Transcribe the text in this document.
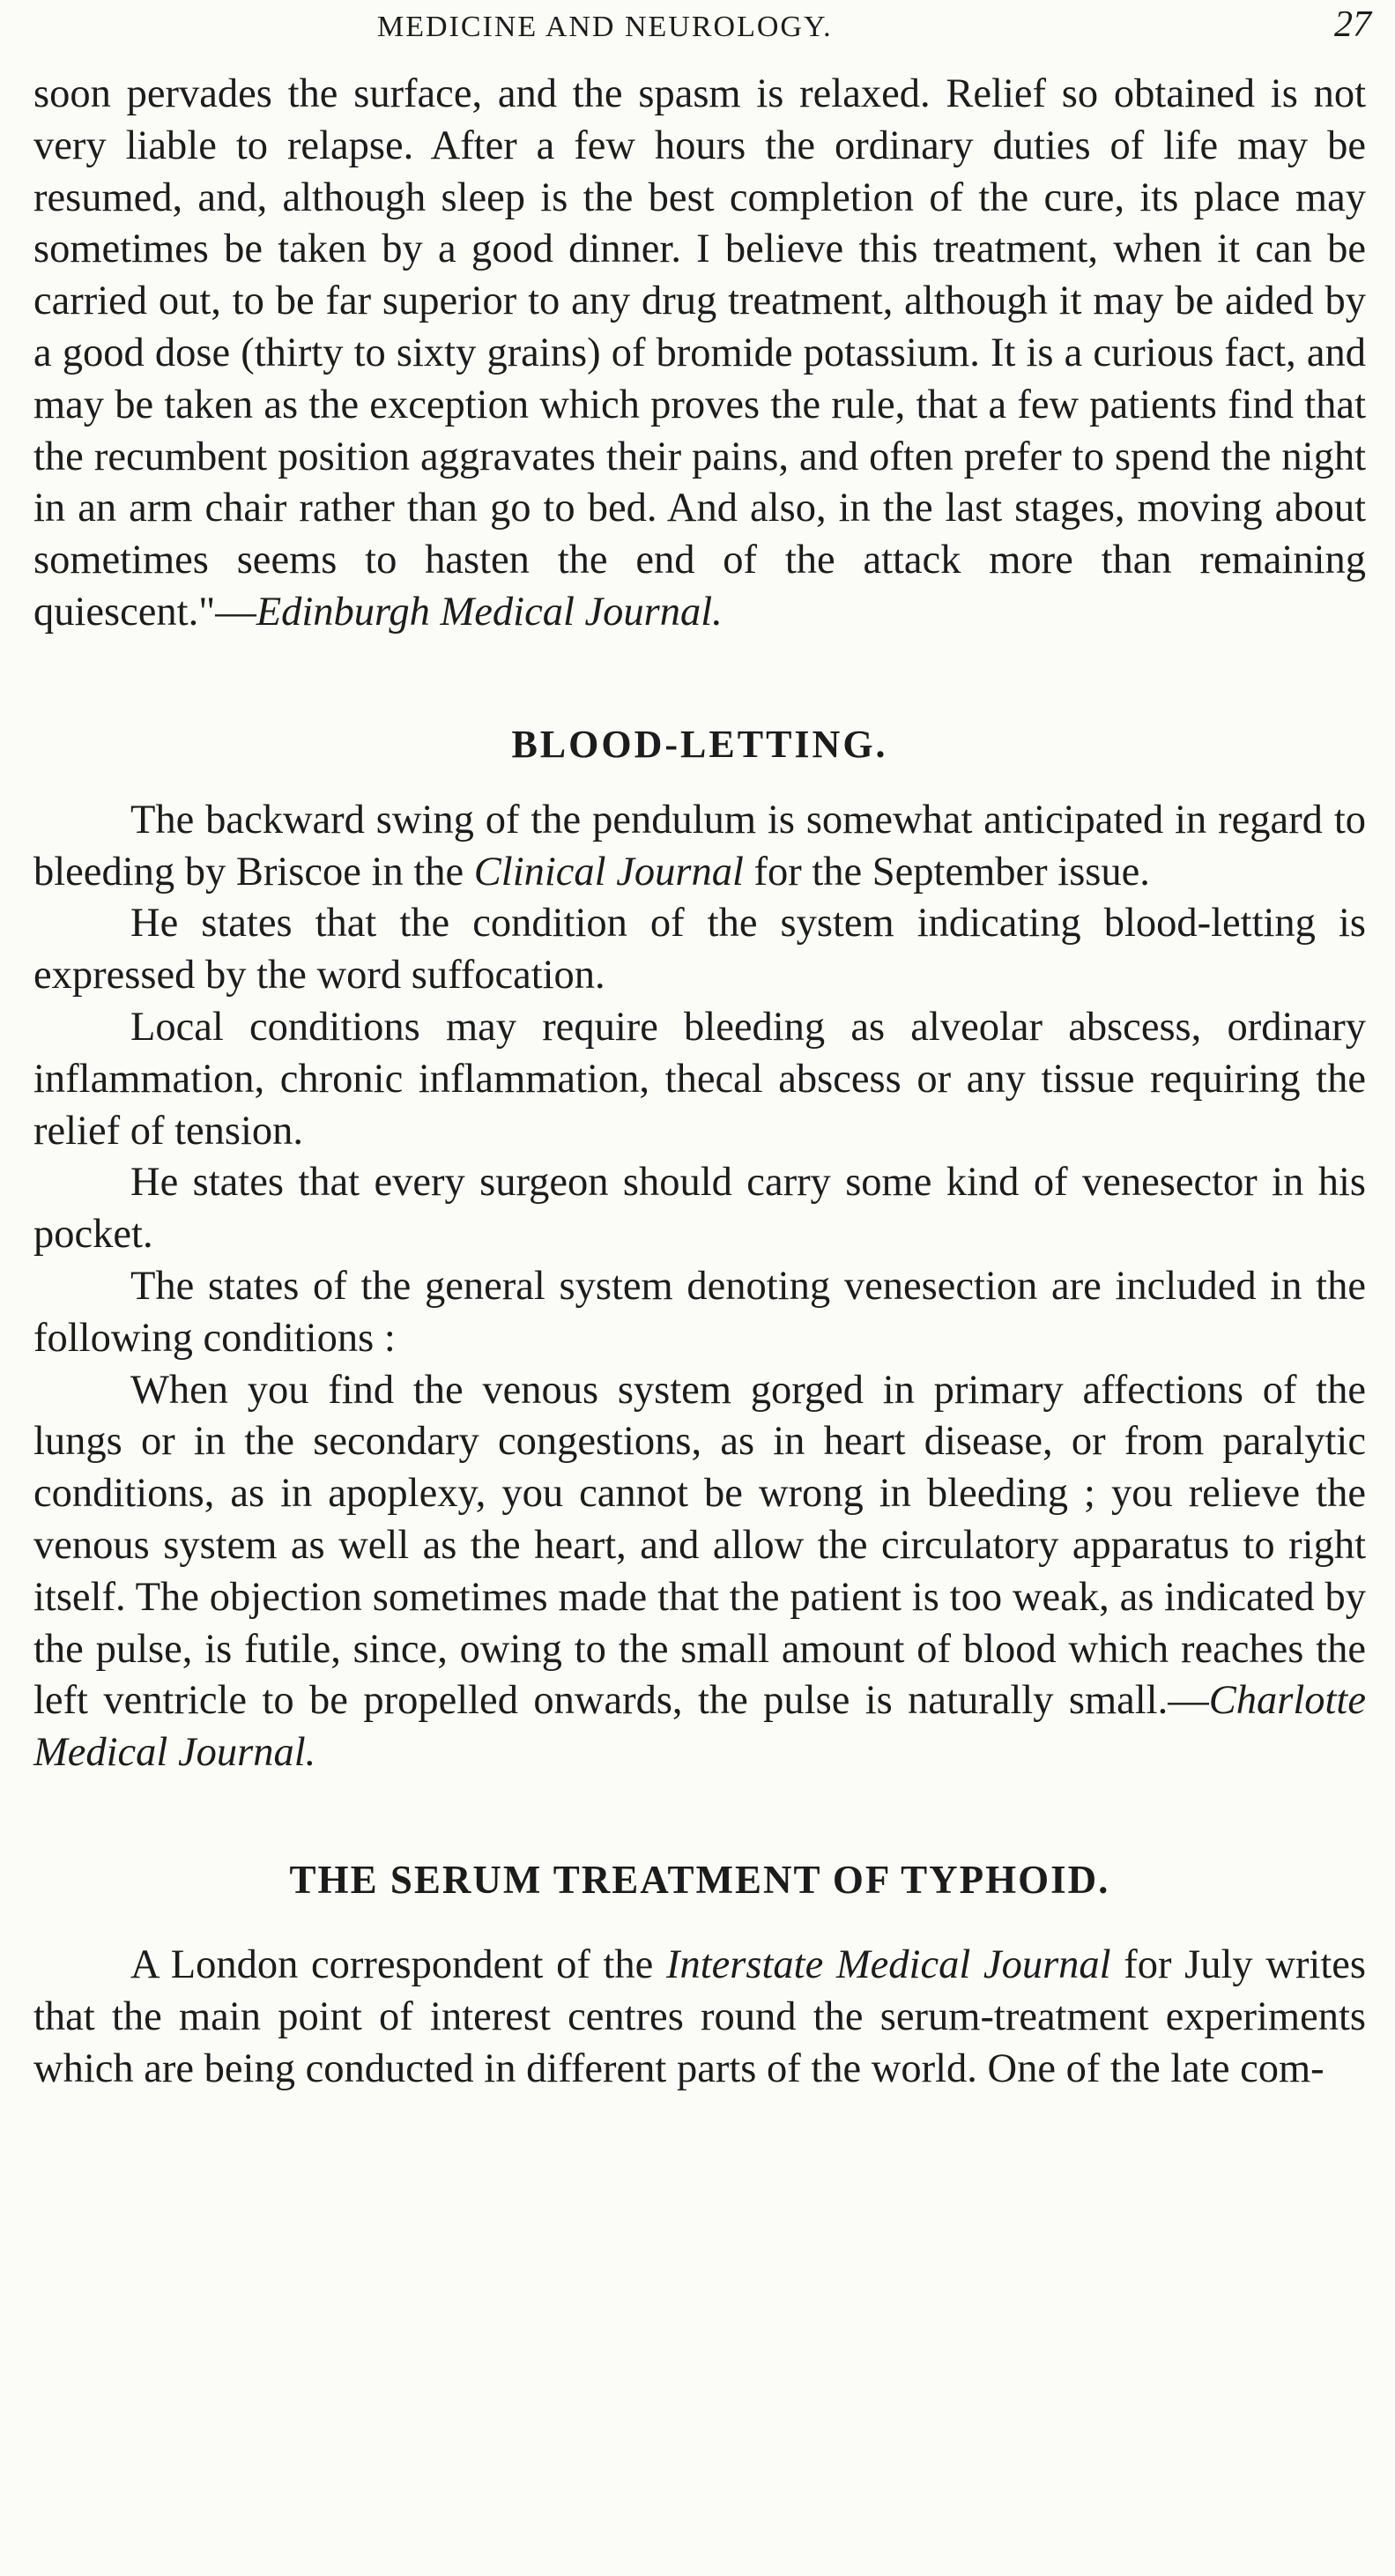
MEDICINE AND NEUROLOGY.	27

soon pervades the surface, and the spasm is relaxed. Relief so obtained is not very liable to relapse. After a few hours the ordinary duties of life may be resumed, and, although sleep is the best completion of the cure, its place may sometimes be taken by a good dinner. I believe this treatment, when it can be carried out, to be far superior to any drug treatment, although it may be aided by a good dose (thirty to sixty grains) of bromide potassium. It is a curious fact, and may be taken as the exception which proves the rule, that a few patients find that the recumbent position aggravates their pains, and often prefer to spend the night in an arm chair rather than go to bed. And also, in the last stages, moving about sometimes seems to hasten the end of the attack more than remaining quiescent."—Edinburgh Medical Journal.

BLOOD-LETTING.

The backward swing of the pendulum is somewhat anticipated in regard to bleeding by Briscoe in the Clinical Journal for the September issue.

He states that the condition of the system indicating blood-letting is expressed by the word suffocation.

Local conditions may require bleeding as alveolar abscess, ordinary inflammation, chronic inflammation, thecal abscess or any tissue requiring the relief of tension.

He states that every surgeon should carry some kind of venesector in his pocket.

The states of the general system denoting venesection are included in the following conditions :

When you find the venous system gorged in primary affections of the lungs or in the secondary congestions, as in heart disease, or from paralytic conditions, as in apoplexy, you cannot be wrong in bleeding ; you relieve the venous system as well as the heart, and allow the circulatory apparatus to right itself. The objection sometimes made that the patient is too weak, as indicated by the pulse, is futile, since, owing to the small amount of blood which reaches the left ventricle to be propelled onwards, the pulse is naturally small.—Charlotte Medical Journal.

THE SERUM TREATMENT OF TYPHOID.

A London correspondent of the Interstate Medical Journal for July writes that the main point of interest centres round the serum-treatment experiments which are being conducted in different parts of the world. One of the late com-
